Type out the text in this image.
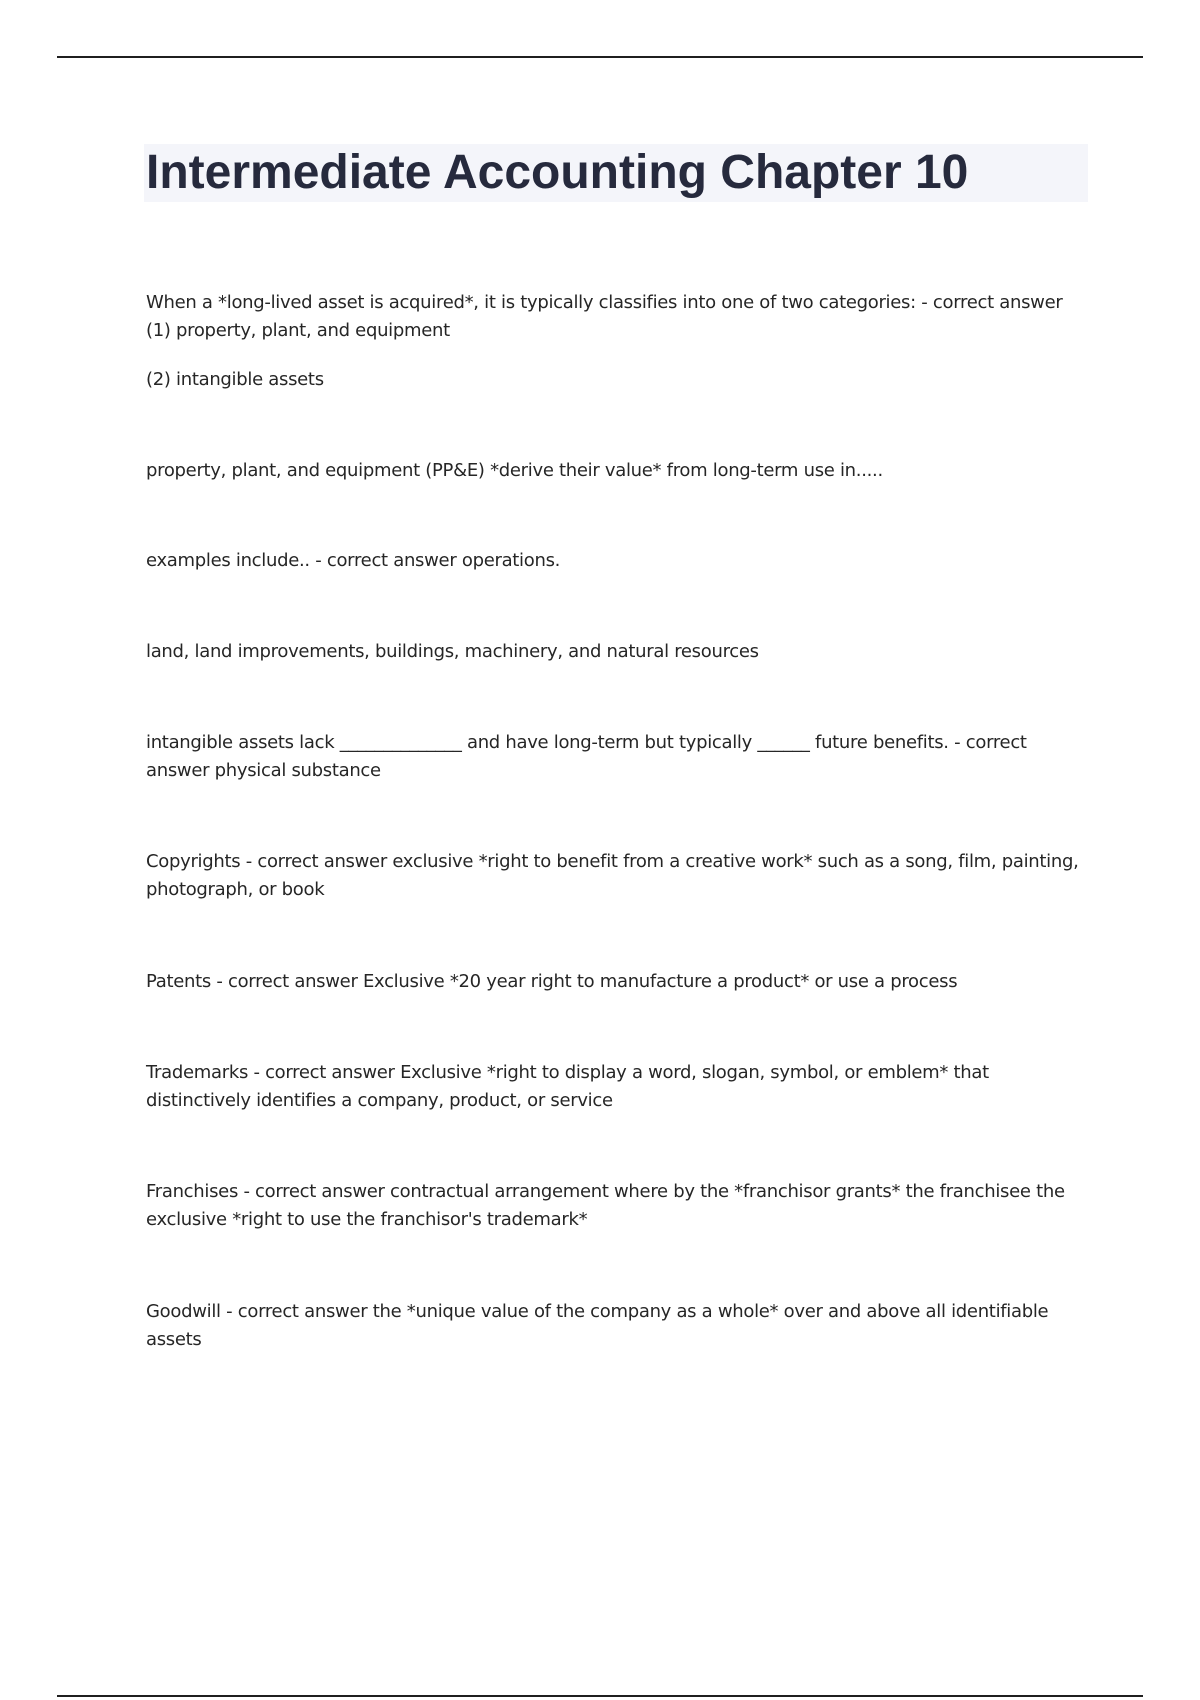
Intermediate Accounting Chapter 10

When a *long-lived asset is acquired*, it is typically classifies into one of two categories: - correct answer (1) property, plant, and equipment

(2) intangible assets

property, plant, and equipment (PP&E) *derive their value* from long-term use in.....

examples include.. - correct answer operations.

land, land improvements, buildings, machinery, and natural resources

intangible assets lack ______________ and have long-term but typically ______ future benefits. - correct answer physical substance

Copyrights - correct answer exclusive *right to benefit from a creative work* such as a song, film, painting, photograph, or book

Patents - correct answer Exclusive *20 year right to manufacture a product* or use a process

Trademarks - correct answer Exclusive *right to display a word, slogan, symbol, or emblem* that distinctively identifies a company, product, or service

Franchises - correct answer contractual arrangement where by the *franchisor grants* the franchisee the exclusive *right to use the franchisor's trademark*

Goodwill - correct answer the *unique value of the company as a whole* over and above all identifiable assets
